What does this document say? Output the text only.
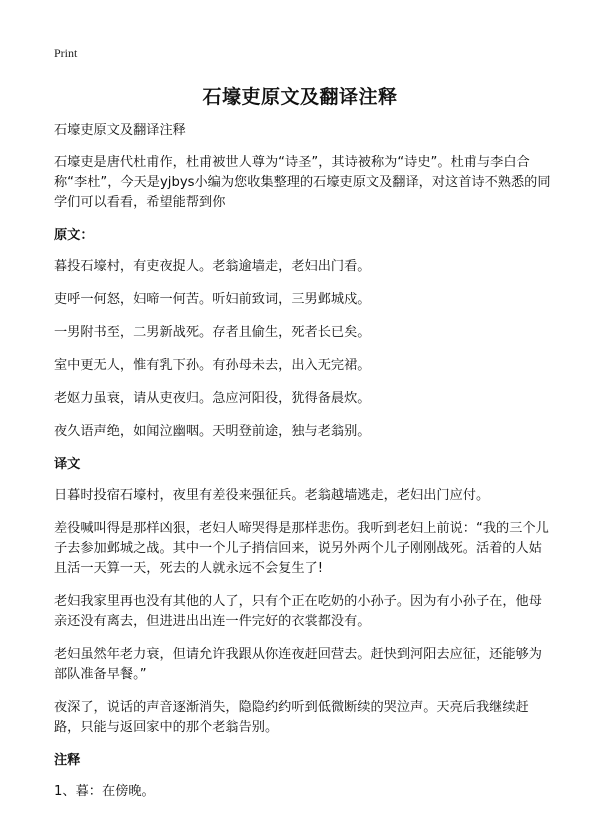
Print
石壕吏原文及翻译注释

石壕吏原文及翻译注释

石壕吏是唐代杜甫作，杜甫被世人尊为“诗圣”，其诗被称为“诗史”。杜甫与李白合称“李杜”，今天是yjbys小编为您收集整理的石壕吏原文及翻译，对这首诗不熟悉的同学们可以看看，希望能帮到你

原文：

暮投石壕村，有吏夜捉人。老翁逾墙走，老妇出门看。

吏呼一何怒，妇啼一何苦。听妇前致词，三男邺城戍。

一男附书至，二男新战死。存者且偷生，死者长已矣。

室中更无人，惟有乳下孙。有孙母未去，出入无完裙。

老妪力虽衰，请从吏夜归。急应河阳役，犹得备晨炊。

夜久语声绝，如闻泣幽咽。天明登前途，独与老翁别。

译文

日暮时投宿石壕村，夜里有差役来强征兵。老翁越墙逃走，老妇出门应付。

差役喊叫得是那样凶狠，老妇人啼哭得是那样悲伤。我听到老妇上前说：“我的三个儿子去参加邺城之战。其中一个儿子捎信回来，说另外两个儿子刚刚战死。活着的人姑且活一天算一天，死去的人就永远不会复生了!

老妇我家里再也没有其他的人了，只有个正在吃奶的小孙子。因为有小孙子在，他母亲还没有离去，但进进出出连一件完好的衣裳都没有。

老妇虽然年老力衰，但请允许我跟从你连夜赶回营去。赶快到河阳去应征，还能够为部队准备早餐。”

夜深了，说话的声音逐渐消失，隐隐约约听到低微断续的哭泣声。天亮后我继续赶路，只能与返回家中的那个老翁告别。

注释

1、暮：在傍晚。
